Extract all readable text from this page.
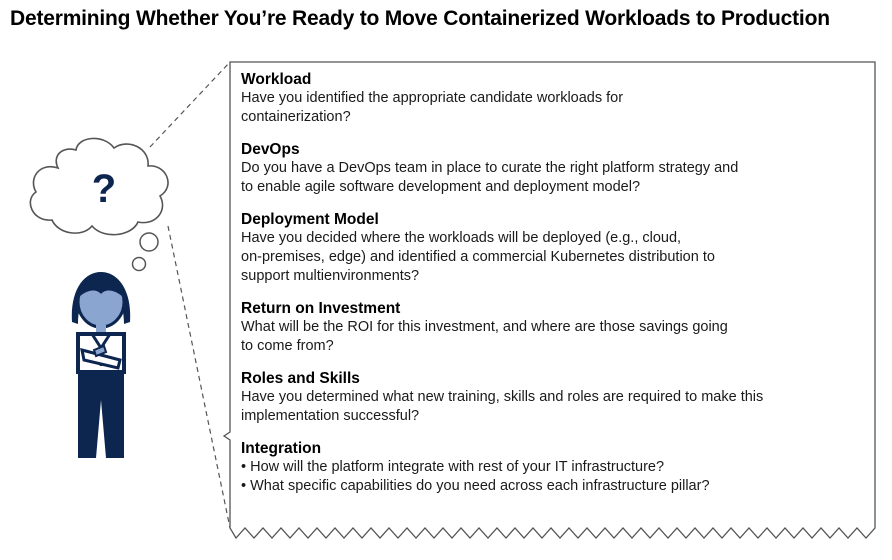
Determining Whether You’re Ready to Move Containerized Workloads to Production
?
Workload
Have you identified the appropriate candidate workloads for
containerization?
DevOps
Do you have a DevOps team in place to curate the right platform strategy and
to enable agile software development and deployment model?
Deployment Model
Have you decided where the workloads will be deployed (e.g., cloud,
on-premises, edge) and identified a commercial Kubernetes distribution to
support multienvironments?
Return on Investment
What will be the ROI for this investment, and where are those savings going
to come from?
Roles and Skills
Have you determined what new training, skills and roles are required to make this
implementation successful?
Integration
• How will the platform integrate with rest of your IT infrastructure?
• What specific capabilities do you need across each infrastructure pillar?
